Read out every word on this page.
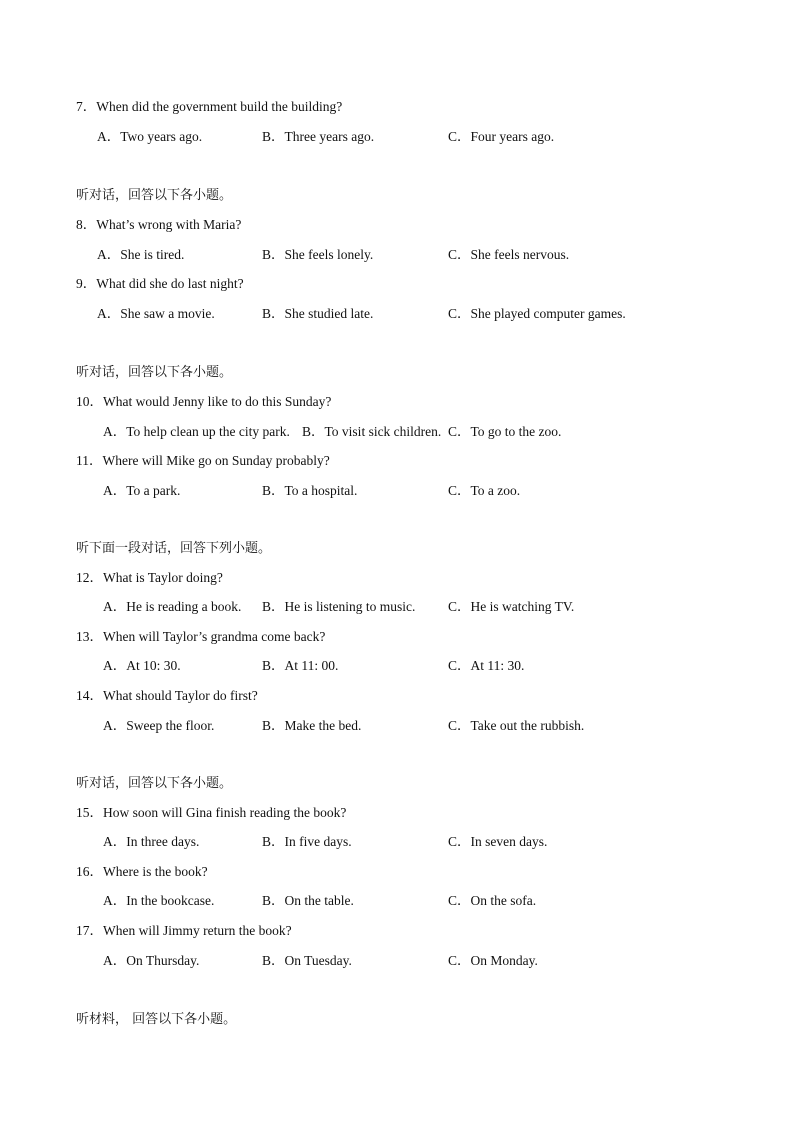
7．When did the government build the building?
A．Two years ago.	B．Three years ago.	C．Four years ago.
听对话，回答以下各小题。
8．What’s wrong with Maria?
A．She is tired.	B．She feels lonely.	C．She feels nervous.
9．What did she do last night?
A．She saw a movie.	B．She studied late.	C．She played computer games.
听对话，回答以下各小题。
10．What would Jenny like to do this Sunday?
A．To help clean up the city park. B．To visit sick children. C．To go to the zoo.
11．Where will Mike go on Sunday probably?
A．To a park.	B．To a hospital.	C．To a zoo.
听下面一段对话，回答下列小题。
12．What is Taylor doing?
A．He is reading a book. B．He is listening to music. C．He is watching TV.
13．When will Taylor’s grandma come back?
A．At 10: 30.	B．At 11: 00.	C．At 11: 30.
14．What should Taylor do first?
A．Sweep the floor.	B．Make the bed.	C．Take out the rubbish.
听对话，回答以下各小题。
15．How soon will Gina finish reading the book?
A．In three days.	B．In five days.	C．In seven days.
16．Where is the book?
A．In the bookcase.	B．On the table.	C．On the sofa.
17．When will Jimmy return the book?
A．On Thursday.	B．On Tuesday.	C．On Monday.
听材料， 回答以下各小题。
